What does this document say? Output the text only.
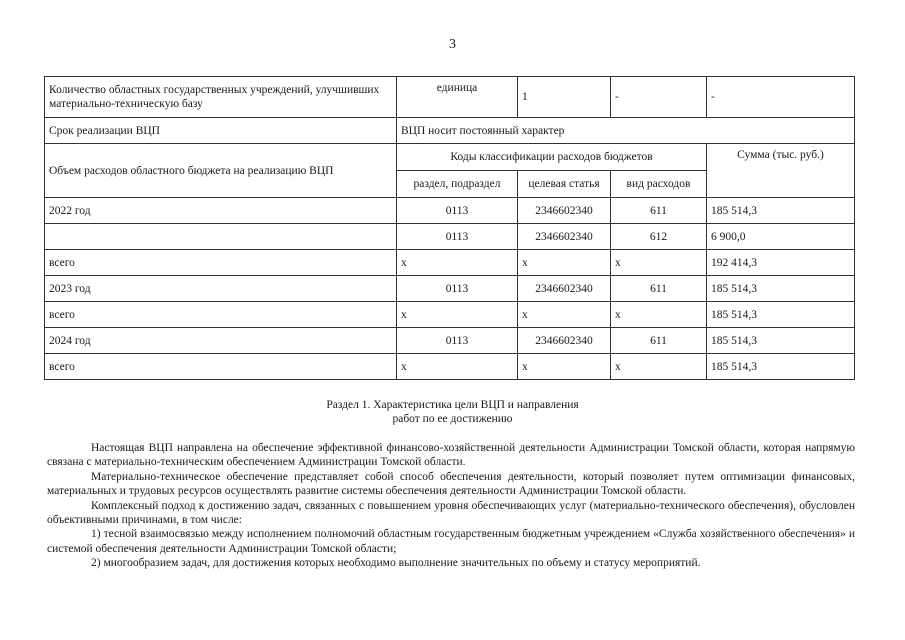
3
Количество областных государственных учреждений, улучшивших материально-техническую базу	единица	1	-	-
Срок реализации ВЦП	ВЦП носит постоянный характер			
Объем расходов областного бюджета на реализацию ВЦП	Коды классификации расходов бюджетов			Сумма (тыс. руб.)
	раздел, подраздел	целевая статья	вид расходов	
2022 год	0113	2346602340	611	185 514,3
	0113	2346602340	612	6 900,0
всего	x	x	x	192 414,3
2023 год	0113	2346602340	611	185 514,3
всего	x	x	x	185 514,3
2024 год	0113	2346602340	611	185 514,3
всего	x	x	x	185 514,3
Раздел 1. Характеристика цели ВЦП и направления
работ по ее достижению

Настоящая ВЦП направлена на обеспечение эффективной финансово-хозяйственной деятельности Администрации Томской области, которая напрямую связана с материально-техническим обеспечением Администрации Томской области.

Материально-техническое обеспечение представляет собой способ обеспечения деятельности, который позволяет путем оптимизации финансовых, материальных и трудовых ресурсов осуществлять развитие системы обеспечения деятельности Администрации Томской области.

Комплексный подход к достижению задач, связанных с повышением уровня обеспечивающих услуг (материально-технического обеспечения), обусловлен объективными причинами, в том числе:

1) тесной взаимосвязью между исполнением полномочий областным государственным бюджетным учреждением «Служба хозяйственного обеспечения» и системой обеспечения деятельности Администрации Томской области;

2) многообразием задач, для достижения которых необходимо выполнение значительных по объему и статусу мероприятий.
